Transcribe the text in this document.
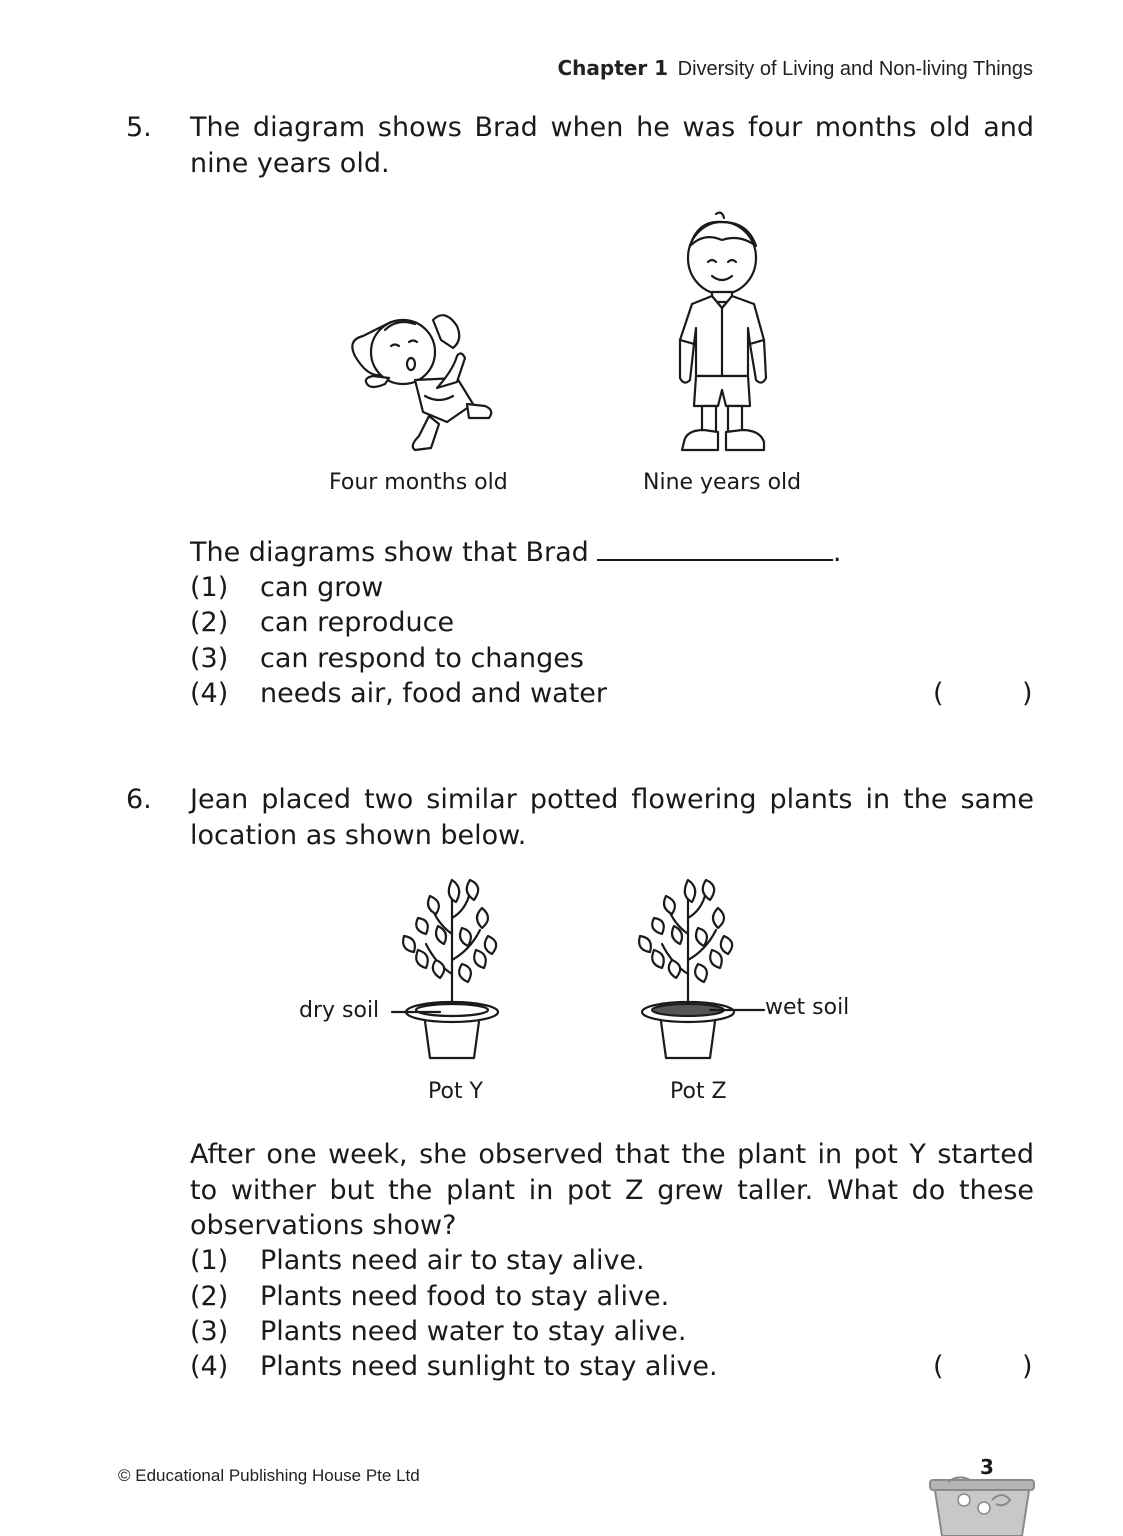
Chapter 1 Diversity of Living and Non-living Things
5. The diagram shows Brad when he was four months old and nine years old.
Four months old	Nine years old
The diagrams show that Brad	.
(1) can grow
(2) can reproduce
(3) can respond to changes
(4) needs air, food and water	(	)
6. Jean placed two similar potted flowering plants in the same location as shown below.
dry soil	wet soil
Pot Y	Pot Z
After one week, she observed that the plant in pot Y started to wither but the plant in pot Z grew taller. What do these observations show?
(1) Plants need air to stay alive.
(2) Plants need food to stay alive.
(3) Plants need water to stay alive.
(4) Plants need sunlight to stay alive.	(	)
© Educational Publishing House Pte Ltd	3
